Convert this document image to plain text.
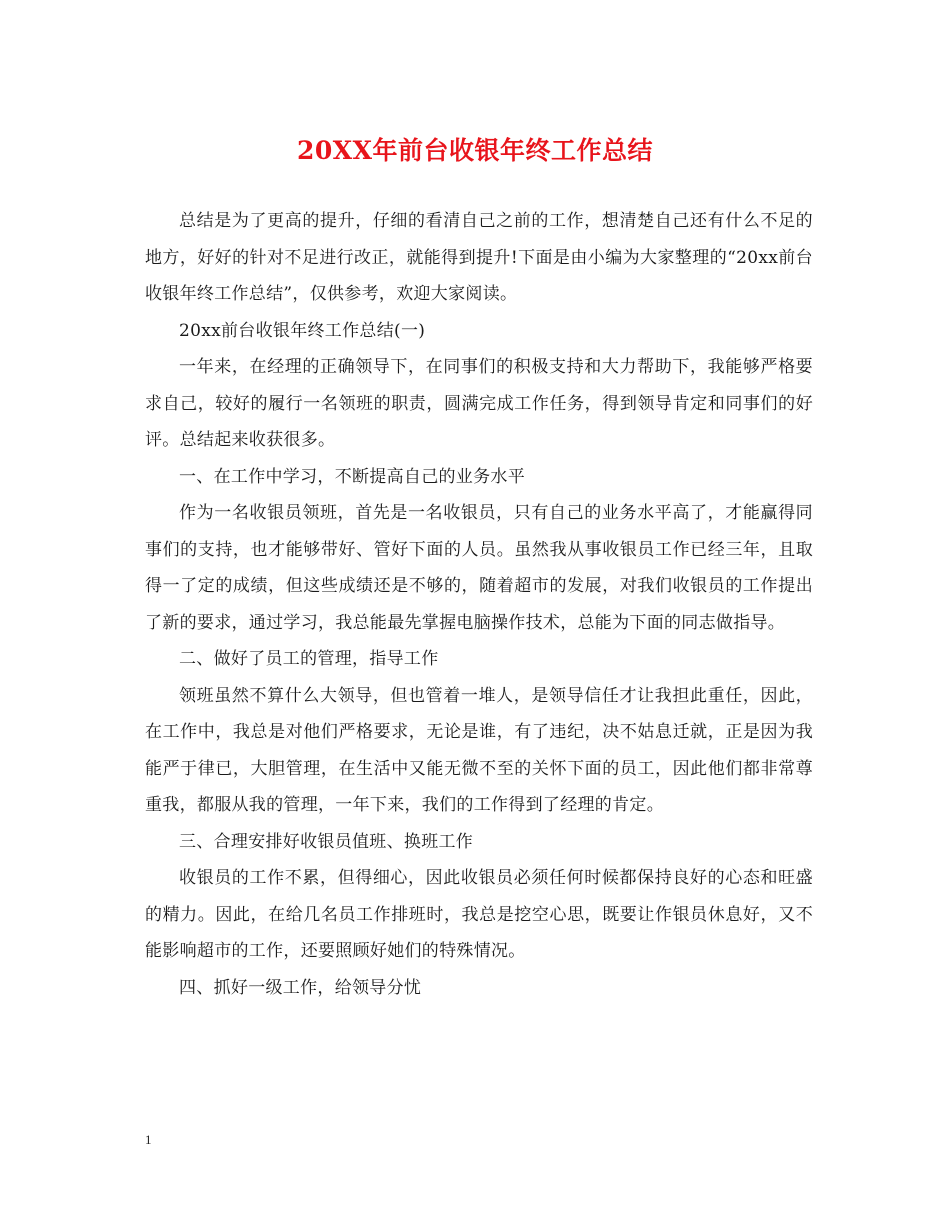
20XX年前台收银年终工作总结

总结是为了更高的提升，仔细的看清自己之前的工作，想清楚自己还有什么不足的地方，好好的针对不足进行改正，就能得到提升!下面是由小编为大家整理的“20xx前台收银年终工作总结”，仅供参考，欢迎大家阅读。

20xx前台收银年终工作总结(一)

一年来，在经理的正确领导下，在同事们的积极支持和大力帮助下，我能够严格要求自己，较好的履行一名领班的职责，圆满完成工作任务，得到领导肯定和同事们的好评。总结起来收获很多。

一、在工作中学习，不断提高自己的业务水平

作为一名收银员领班，首先是一名收银员，只有自己的业务水平高了，才能赢得同事们的支持，也才能够带好、管好下面的人员。虽然我从事收银员工作已经三年，且取得一了定的成绩，但这些成绩还是不够的，随着超市的发展，对我们收银员的工作提出了新的要求，通过学习，我总能最先掌握电脑操作技术，总能为下面的同志做指导。

二、做好了员工的管理，指导工作

领班虽然不算什么大领导，但也管着一堆人，是领导信任才让我担此重任，因此，在工作中，我总是对他们严格要求，无论是谁，有了违纪，决不姑息迁就，正是因为我能严于律已，大胆管理，在生活中又能无微不至的关怀下面的员工，因此他们都非常尊重我，都服从我的管理，一年下来，我们的工作得到了经理的肯定。

三、合理安排好收银员值班、换班工作

收银员的工作不累，但得细心，因此收银员必须任何时候都保持良好的心态和旺盛的精力。因此，在给几名员工作排班时，我总是挖空心思，既要让作银员休息好，又不能影响超市的工作，还要照顾好她们的特殊情况。

四、抓好一级工作，给领导分忧

1
